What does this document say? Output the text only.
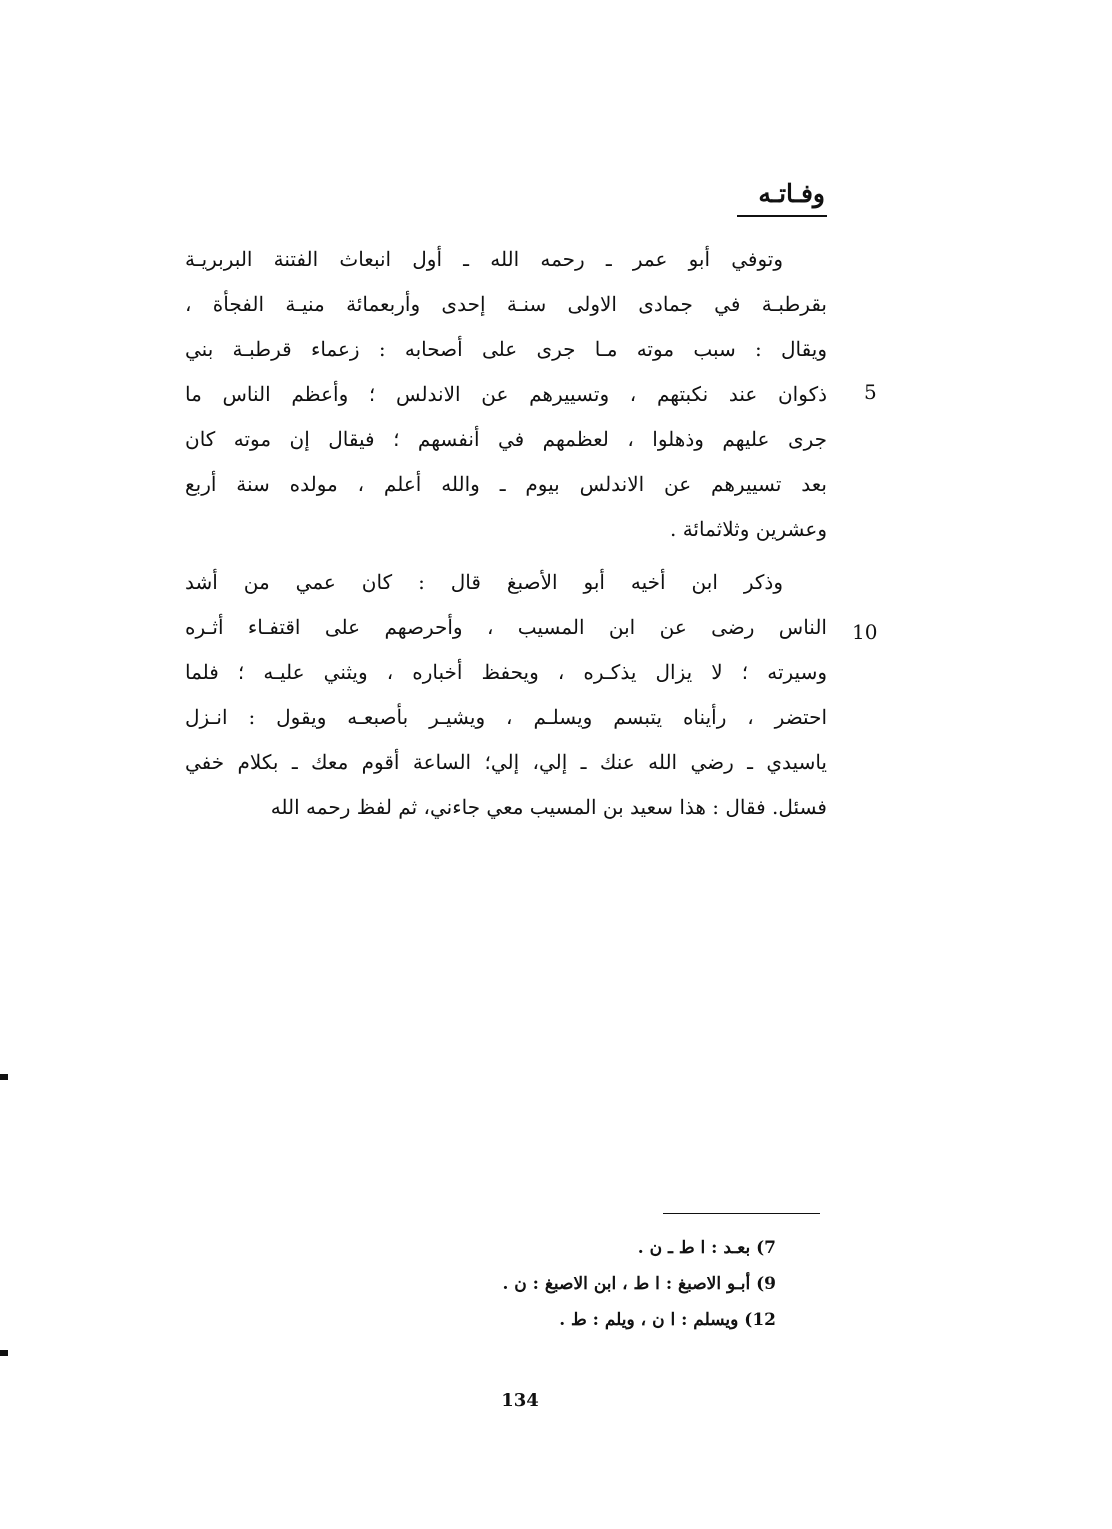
وفـاتـه
وتوفي أبو عمر ـ رحمه الله ـ أول انبعاث الفتنة البربريـة
بقرطبـة في جمادى الاولى سنـة إحدى وأربعمائة منيـة الفجأة ،
ويقال : سبب موته مـا جرى على أصحابه : زعماء قرطبـة بني
ذكوان عند نكبتهم ، وتسييرهم عن الاندلس ؛ وأعظم الناس ما
جرى عليهم وذهلوا ، لعظمهم في أنفسهم ؛ فيقال إن موته كان
بعد تسييرهم عن الاندلس بيوم ـ والله أعلم ، مولده سنة أربع
وعشرين وثلاثمائة .
وذكر ابن أخيه أبو الأصبغ قال : كان عمي من أشد
الناس رضى عن ابن المسيب ، وأحرصهم على اقتفـاء أثـره
وسيرته ؛ لا يزال يذكـره ، ويحفظ أخباره ، ويثني عليـه ؛ فلما
احتضر ، رأيناه يتبسم ويسلـم ، ويشيـر بأصبعـه ويقول : انـزل
ياسيدي ـ رضي الله عنك ـ إلي، إلي؛ الساعة أقوم معك ـ بكلام خفي
فسئل. فقال : هذا سعيد بن المسيب معي جاءني، ثم لفظ رحمه الله
5
10
7) بعـد : ا ط ـ ن .
9) أبـو الاصبغ : ا ط ، ابن الاصبغ : ن .
12) ويسلم : ا ن ، ويلم : ط .
134
